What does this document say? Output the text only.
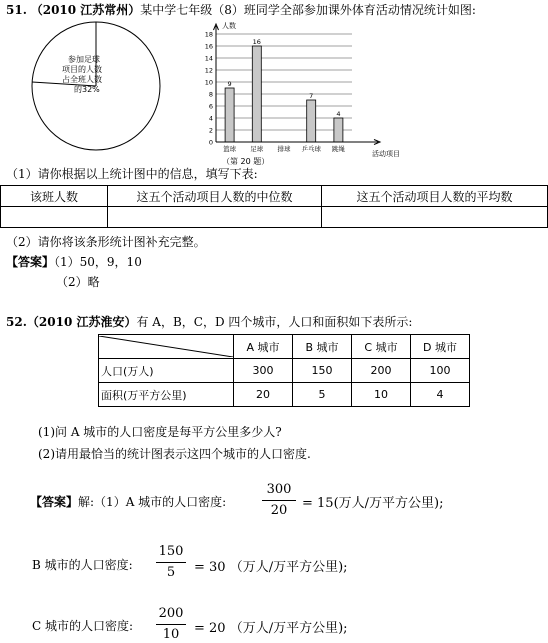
51. （2010 江苏常州）某中学七年级（8）班同学全部参加课外体育活动情况统计如图:
参加足球
项目的人数
占全班人数
的32%
9
16
7
4
0
2
4
6
8
10
12
14
16
18
人数
活动项目
篮球 足球 排球 乒乓球 跳绳
（第 20 题）
（1）请你根据以上统计图中的信息，填写下表:
该班人数	这五个活动项目人数的中位数	这五个活动项目人数的平均数

（2）请你将该条形统计图补充完整。
【答案】（1）50，9，10
（2）略
52.（2010 江苏淮安）有 A，B，C，D 四个城市，人口和面积如下表所示:
	A 城市	B 城市	C 城市	D 城市
人口(万人)	300	150	200	100
面积(万平方公里)	20	5	10	4
(1)问 A 城市的人口密度是每平方公里多少人?
(2)请用最恰当的统计图表示这四个城市的人口密度.
【答案】解:（1）A 城市的人口密度:
300
20	= 15(万人/万平方公里);
B 城市的人口密度:
150
5	= 30 （万人/万平方公里);
C 城市的人口密度:
200
10	= 20 （万人/万平方公里);
